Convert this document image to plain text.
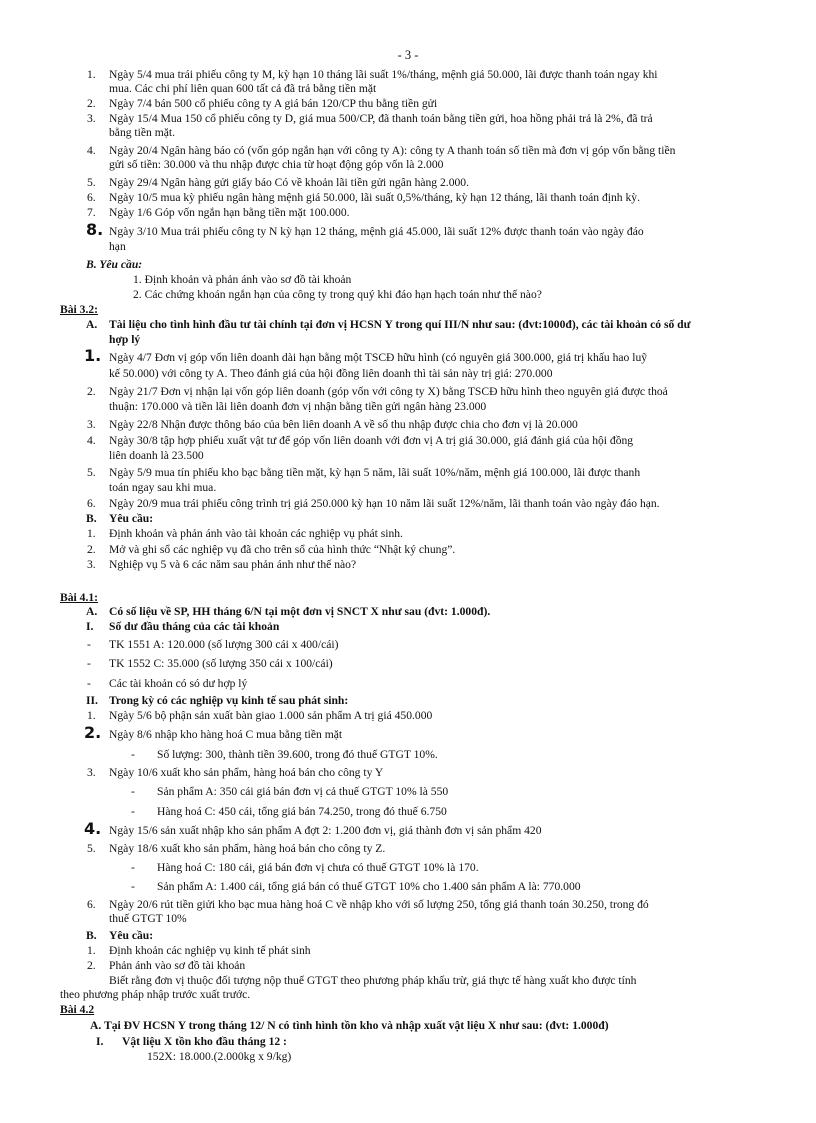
- 3 -
1. Ngày 5/4 mua trái phiếu công ty M, kỳ hạn 10 tháng lãi suất 1%/tháng, mệnh giá 50.000, lãi được thanh toán ngay khi
mua. Các chi phí liên quan 600 tất cả đã trả bằng tiền mặt
2. Ngày 7/4 bán 500 cổ phiếu công ty A giá bán 120/CP thu bằng tiền gửi
3. Ngày 15/4 Mua 150 cổ phiếu công ty D, giá mua 500/CP, đã thanh toán bằng tiền gửi, hoa hồng phải trả là 2%, đã trả
bằng tiền mặt.
4. Ngày 20/4 Ngân hàng báo có (vốn góp ngắn hạn với công ty A): công ty A thanh toán số tiền mà đơn vị góp vốn bằng tiền
gửi số tiền: 30.000 và thu nhập được chia từ hoạt động góp vốn là 2.000
5. Ngày 29/4 Ngân hàng gửi giấy báo Có về khoản lãi tiền gửi ngân hàng 2.000.
6. Ngày 10/5 mua kỳ phiếu ngân hàng mệnh giá 50.000, lãi suất 0,5%/tháng, kỳ hạn 12 tháng, lãi thanh toán định kỳ.
7. Ngày 1/6 Góp vốn ngắn hạn bằng tiền mặt 100.000.
8. Ngày 3/10 Mua trái phiếu công ty N kỳ hạn 12 tháng, mệnh giá 45.000, lãi suất 12% được thanh toán vào ngày đáo
hạn
B. Yêu cầu:
1. Định khoản và phản ánh vào sơ đồ tài khoản
2. Các chứng khoán ngắn hạn của công ty trong quý khi đáo hạn hạch toán như thế nào?
Bài 3.2:
A. Tài liệu cho tình hình đầu tư tài chính tại đơn vị HCSN Y trong quí III/N như sau: (đvt:1000đ), các tài khoản có số dư
hợp lý
1. Ngày 4/7 Đơn vị góp vốn liên doanh dài hạn bằng một TSCĐ hữu hình (có nguyên giá 300.000, giá trị khấu hao luỹ
kế 50.000) với công ty A. Theo đánh giá của hội đồng liên doanh thì tài sản này trị giá: 270.000
2. Ngày 21/7 Đơn vị nhận lại vốn góp liên doanh (góp vốn với công ty X) bằng TSCĐ hữu hình theo nguyên giá được thoả
thuận: 170.000 và tiền lãi liên doanh đơn vị nhận bằng tiền gửi ngân hàng 23.000
3. Ngày 22/8 Nhận được thông báo của bên liên doanh A về số thu nhập được chia cho đơn vị là 20.000
4. Ngày 30/8 tập hợp phiếu xuất vật tư để góp vốn liên doanh với đơn vị A trị giá 30.000, giá đánh giá của hội đồng
liên doanh là 23.500
5. Ngày 5/9 mua tín phiếu kho bạc bằng tiền mặt, kỳ hạn 5 năm, lãi suất 10%/năm, mệnh giá 100.000, lãi được thanh
toán ngay sau khi mua.
6. Ngày 20/9 mua trái phiếu công trình trị giá 250.000 kỳ hạn 10 năm lãi suất 12%/năm, lãi thanh toán vào ngày đáo hạn.
B. Yêu cầu:
1. Định khoản và phản ánh vào tài khoản các nghiệp vụ phát sinh.
2. Mở và ghi sổ các nghiệp vụ đã cho trên sổ của hình thức “Nhật ký chung”.
3. Nghiệp vụ 5 và 6 các năm sau phản ánh như thế nào?
Bài 4.1:
A. Có số liệu về SP, HH tháng 6/N tại một đơn vị SNCT X như sau (đvt: 1.000đ).
I. Số dư đầu tháng của các tài khoản
- TK 1551 A: 120.000 (số lượng 300 cái x 400/cái)
- TK 1552 C: 35.000 (số lượng 350 cái x 100/cái)
- Các tài khoản có só dư hợp lý
II. Trong kỳ có các nghiệp vụ kinh tế sau phát sinh:
1. Ngày 5/6 bộ phận sản xuất bàn giao 1.000 sản phẩm A trị giá 450.000
2. Ngày 8/6 nhập kho hàng hoá C mua bằng tiền mặt
- Số lượng: 300, thành tiền 39.600, trong đó thuế GTGT 10%.
3. Ngày 10/6 xuất kho sản phẩm, hàng hoá bán cho công ty Y
- Sản phẩm A: 350 cái giá bán đơn vị cả thuế GTGT 10% là 550
- Hàng hoá C: 450 cái, tổng giá bán 74.250, trong đó thuế 6.750
4. Ngày 15/6 sản xuất nhập kho sản phẩm A đợt 2: 1.200 đơn vị, giá thành đơn vị sản phẩm 420
5. Ngày 18/6 xuất kho sản phẩm, hàng hoá bán cho công ty Z.
- Hàng hoá C: 180 cái, giá bán đơn vị chưa có thuế GTGT 10% là 170.
- Sản phẩm A: 1.400 cái, tổng giá bán có thuế GTGT 10% cho 1.400 sản phẩm A là: 770.000
6. Ngày 20/6 rút tiền giửi kho bạc mua hàng hoá C về nhập kho với số lượng 250, tổng giá thanh toán 30.250, trong đó
thuế GTGT 10%
B. Yêu cầu:
1. Định khoản các nghiệp vụ kinh tế phát sinh
2. Phản ánh vào sơ đồ tài khoản
Biết rằng đơn vị thuộc đối tượng nộp thuế GTGT theo phương pháp khấu trừ, giá thực tế hàng xuất kho được tính
theo phương pháp nhập trước xuất trước.
Bài 4.2
A. Tại ĐV HCSN Y trong tháng 12/ N có tình hình tồn kho và nhập xuất vật liệu X như sau: (đvt: 1.000đ)
I. Vật liệu X tồn kho đầu tháng 12 :
152X: 18.000.(2.000kg x 9/kg)
